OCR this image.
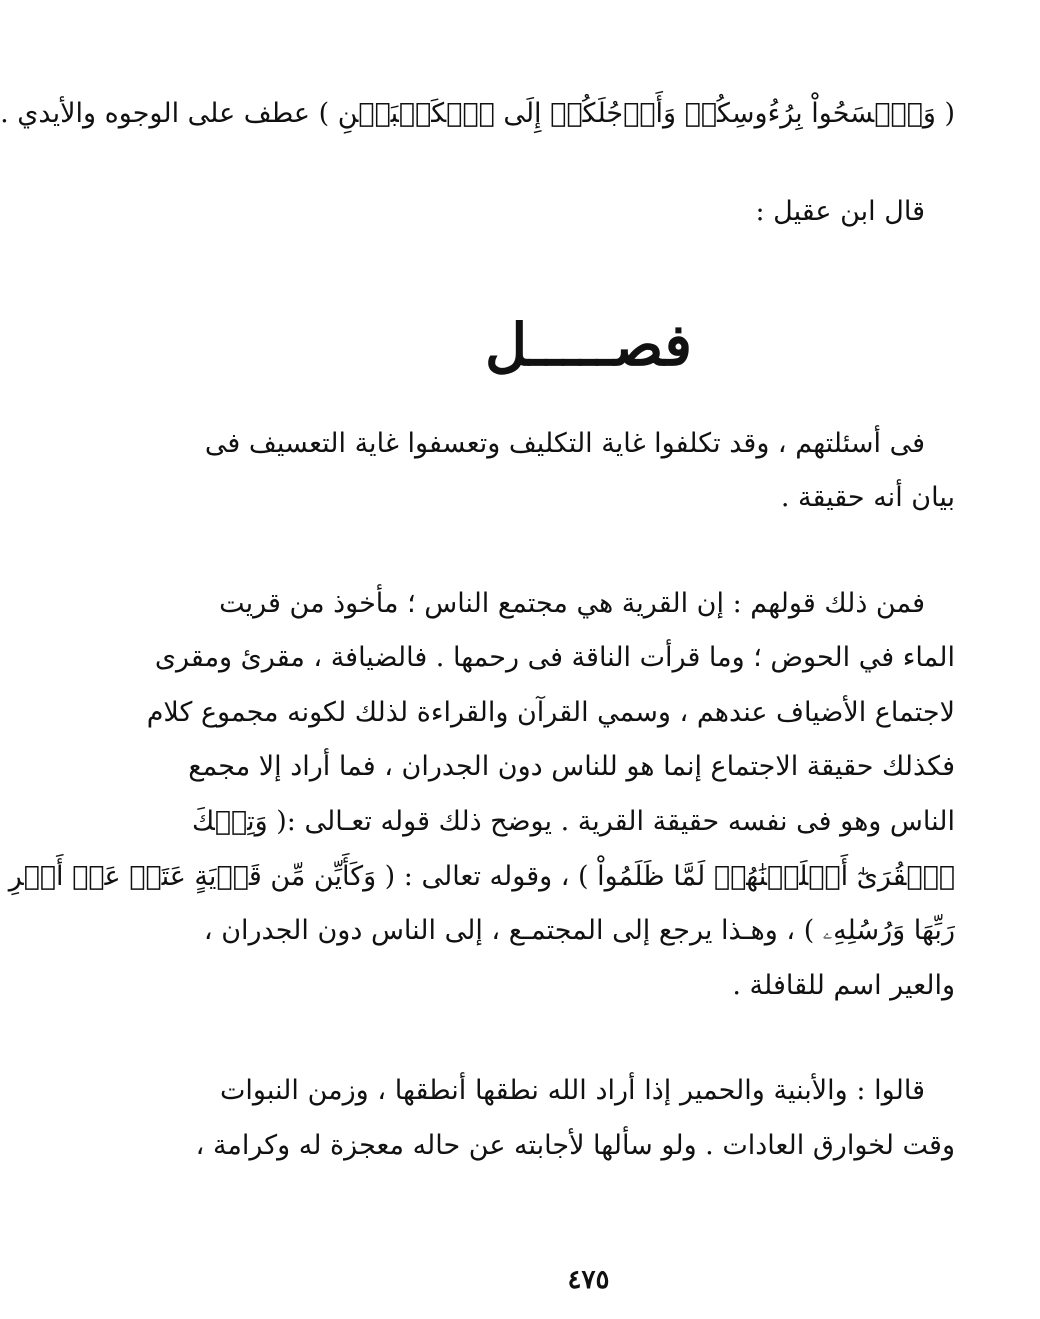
( وَٱمۡسَحُواْ بِرُءُوسِكُمۡ وَأَرۡجُلَكُمۡ إِلَى ٱلۡكَعۡبَيۡنِ ) عطف على الوجوه والأيدي .
قال ابن عقيل :
فصـــــل
فى أسئلتهم ، وقد تكلفوا غاية التكليف وتعسفوا غاية التعسيف فى
بيان أنه حقيقة .
فمن ذلك قولهم : إن القرية هي مجتمع الناس ؛ مأخوذ من قريت
الماء في الحوض ؛ وما قرأت الناقة فى رحمها . فالضيافة ، مقرئ ومقرى
لاجتماع الأضياف عندهم ، وسمي القرآن والقراءة لذلك لكونه مجموع كلام
فكذلك حقيقة الاجتماع إنما هو للناس دون الجدران ، فما أراد إلا مجمع
الناس وهو فى نفسه حقيقة القرية . يوضح ذلك قوله تعـالى :( وَتِلۡكَ
ٱلۡقُرَىٰٓ أَهۡلَكۡنَٰهُمۡ لَمَّا ظَلَمُواْ ) ، وقوله تعالى : ( وَكَأَيِّن مِّن قَرۡيَةٍ عَتَتۡ عَنۡ أَمۡرِ
رَبِّهَا وَرُسُلِهِۦ ) ، وهـذا يرجع إلى المجتمـع ، إلى الناس دون الجدران ،
والعير اسم للقافلة .
قالوا : والأبنية والحمير إذا أراد الله نطقها أنطقها ، وزمن النبوات
وقت لخوارق العادات . ولو سألها لأجابته عن حاله معجزة له وكرامة ،
٤٧٥
